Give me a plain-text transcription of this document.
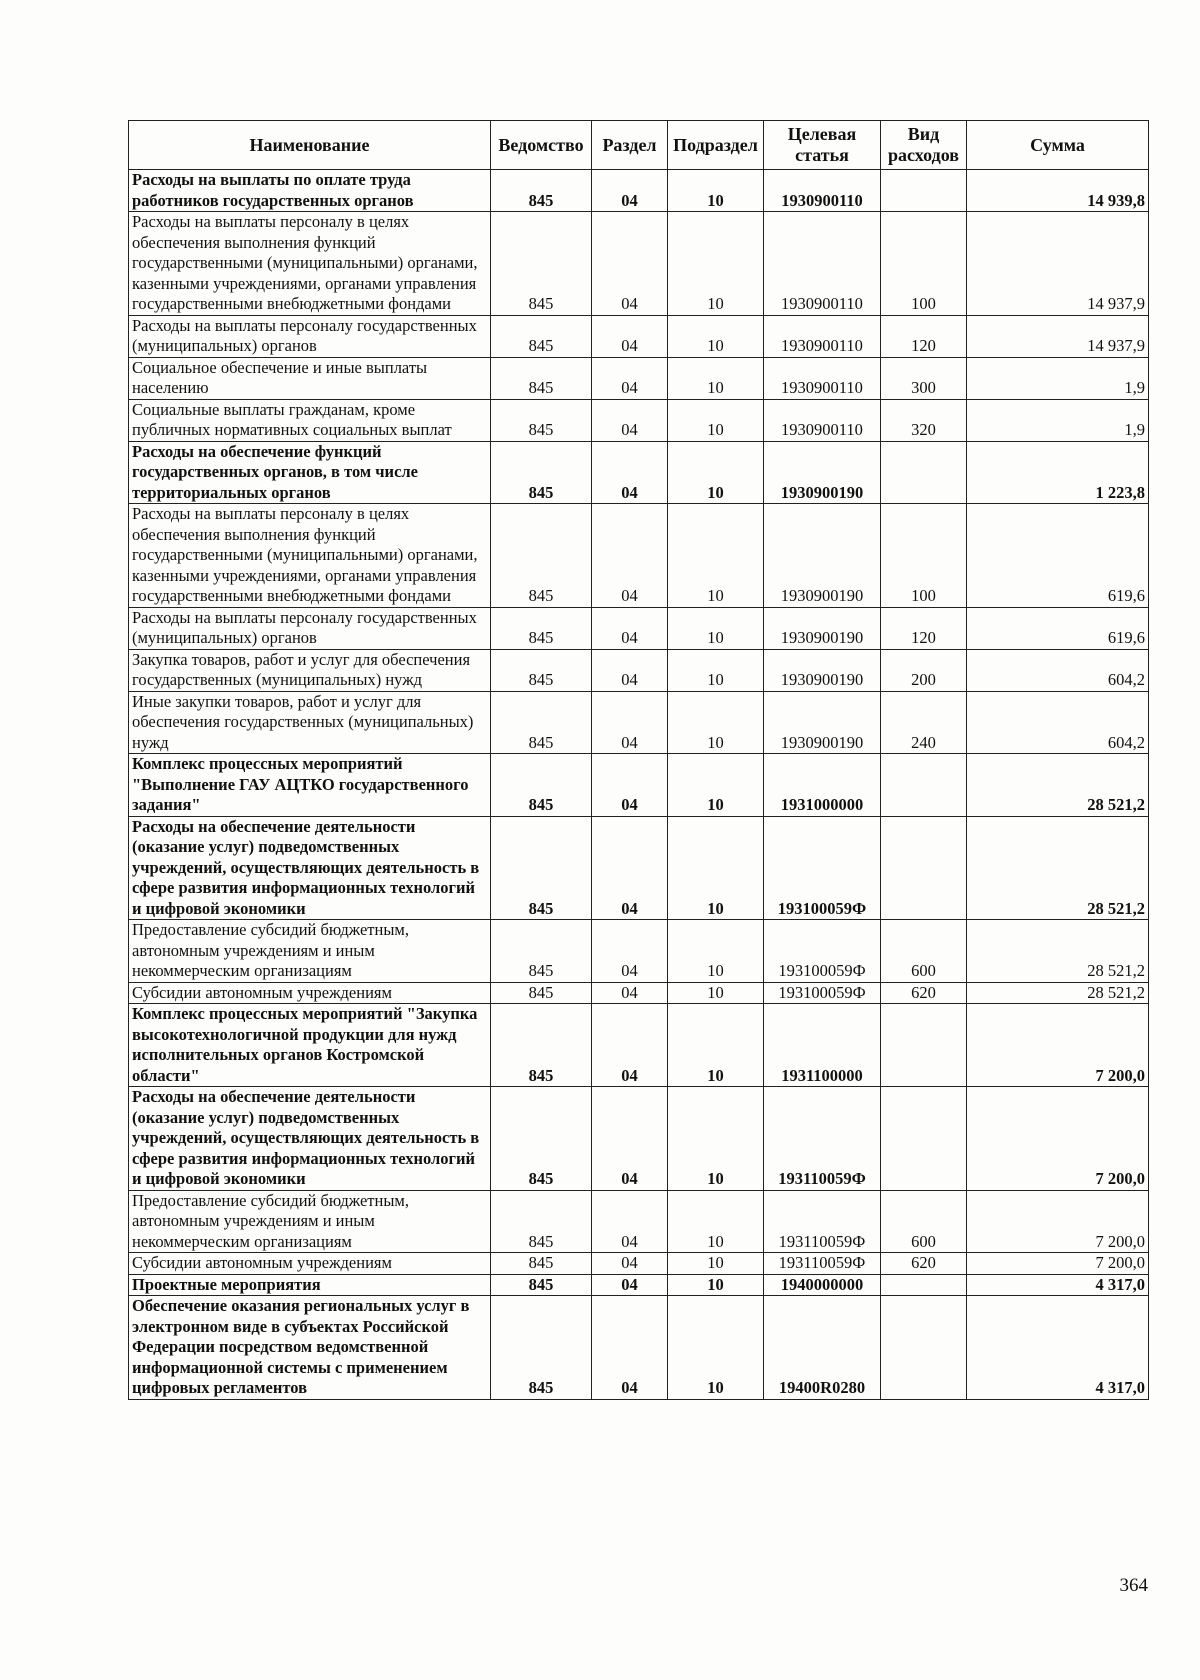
Наименование	Ведомство	Раздел	Подраздел	Целевая статья	Вид расходов	Сумма
Расходы на выплаты по оплате труда работников государственных органов	845	04	10	1930900110		14 939,8
Расходы на выплаты персоналу в целях обеспечения выполнения функций государственными (муниципальными) органами, казенными учреждениями, органами управления государственными внебюджетными фондами	845	04	10	1930900110	100	14 937,9
Расходы на выплаты персоналу государственных (муниципальных) органов	845	04	10	1930900110	120	14 937,9
Социальное обеспечение и иные выплаты населению	845	04	10	1930900110	300	1,9
Социальные выплаты гражданам, кроме публичных нормативных социальных выплат	845	04	10	1930900110	320	1,9
Расходы на обеспечение функций государственных органов, в том числе территориальных органов	845	04	10	1930900190		1 223,8
Расходы на выплаты персоналу в целях обеспечения выполнения функций государственными (муниципальными) органами, казенными учреждениями, органами управления государственными внебюджетными фондами	845	04	10	1930900190	100	619,6
Расходы на выплаты персоналу государственных (муниципальных) органов	845	04	10	1930900190	120	619,6
Закупка товаров, работ и услуг для обеспечения государственных (муниципальных) нужд	845	04	10	1930900190	200	604,2
Иные закупки товаров, работ и услуг для обеспечения государственных (муниципальных) нужд	845	04	10	1930900190	240	604,2
Комплекс процессных мероприятий "Выполнение ГАУ АЦТКО государственного задания"	845	04	10	1931000000		28 521,2
Расходы на обеспечение деятельности (оказание услуг) подведомственных учреждений, осуществляющих деятельность в сфере развития информационных технологий и цифровой экономики	845	04	10	193100059Ф		28 521,2
Предоставление субсидий бюджетным, автономным учреждениям и иным некоммерческим организациям	845	04	10	193100059Ф	600	28 521,2
Субсидии автономным учреждениям	845	04	10	193100059Ф	620	28 521,2
Комплекс процессных мероприятий "Закупка высокотехнологичной продукции для нужд исполнительных органов Костромской области"	845	04	10	1931100000		7 200,0
Расходы на обеспечение деятельности (оказание услуг) подведомственных учреждений, осуществляющих деятельность в сфере развития информационных технологий и цифровой экономики	845	04	10	193110059Ф		7 200,0
Предоставление субсидий бюджетным, автономным учреждениям и иным некоммерческим организациям	845	04	10	193110059Ф	600	7 200,0
Субсидии автономным учреждениям	845	04	10	193110059Ф	620	7 200,0
Проектные мероприятия	845	04	10	1940000000		4 317,0
Обеспечение оказания региональных услуг в электронном виде в субъектах Российской Федерации посредством ведомственной информационной системы с применением цифровых регламентов	845	04	10	19400R0280		4 317,0
364
